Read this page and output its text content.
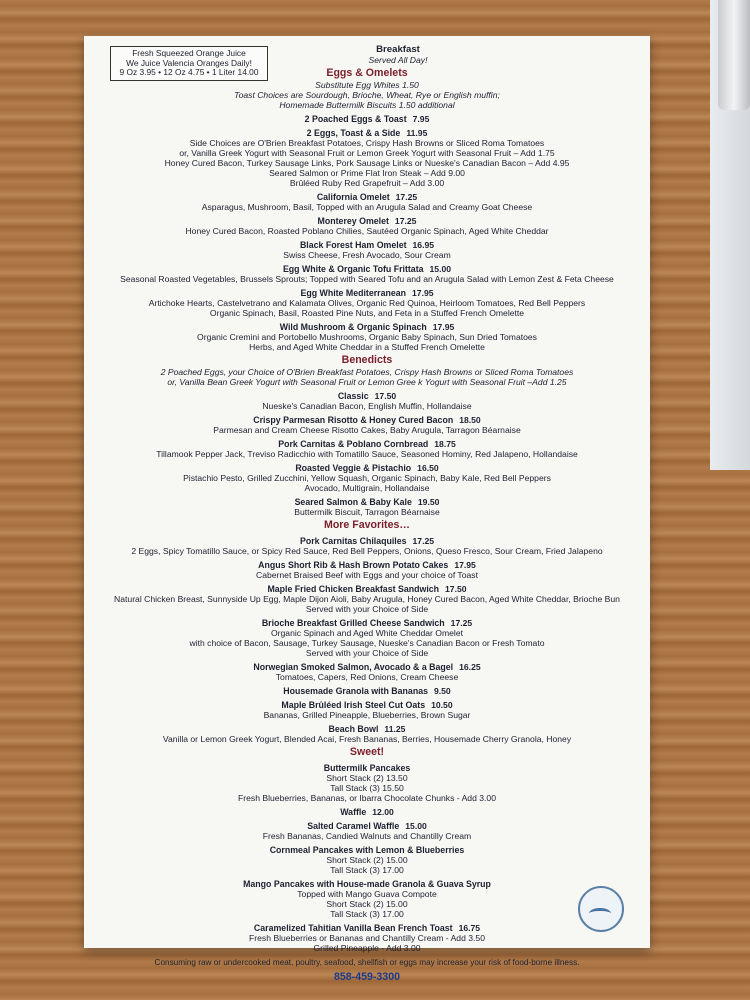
Fresh Squeezed Orange Juice
We Juice Valencia Oranges Daily!
9 Oz 3.95 • 12 Oz 4.75 • 1 Liter 14.00
Breakfast
Served All Day!
Eggs & Omelets
Substitute Egg Whites 1.50
Toast Choices are Sourdough, Brioche, Wheat, Rye or English muffin;
Homemade Buttermilk Biscuits 1.50 additional
2 Poached Eggs & Toast 7.95
2 Eggs, Toast & a Side 11.95
Side Choices are O'Brien Breakfast Potatoes, Crispy Hash Browns or Sliced Roma Tomatoes
or, Vanilla Greek Yogurt with Seasonal Fruit or Lemon Greek Yogurt with Seasonal Fruit – Add 1.75
Honey Cured Bacon, Turkey Sausage Links, Pork Sausage Links or Nueske's Canadian Bacon – Add 4.95
Seared Salmon or Prime Flat Iron Steak – Add 9.00
Brûléed Ruby Red Grapefruit – Add 3.00
California Omelet 17.25
Asparagus, Mushroom, Basil, Topped with an Arugula Salad and Creamy Goat Cheese
Monterey Omelet 17.25
Honey Cured Bacon, Roasted Poblano Chilies, Sautéed Organic Spinach, Aged White Cheddar
Black Forest Ham Omelet 16.95
Swiss Cheese, Fresh Avocado, Sour Cream
Egg White & Organic Tofu Frittata 15.00
Seasonal Roasted Vegetables, Brussels Sprouts; Topped with Seared Tofu and an Arugula Salad with Lemon Zest & Feta Cheese
Egg White Mediterranean 17.95
Artichoke Hearts, Castelvetrano and Kalamata Olives, Organic Red Quinoa, Heirloom Tomatoes, Red Bell Peppers
Organic Spinach, Basil, Roasted Pine Nuts, and Feta in a Stuffed French Omelette
Wild Mushroom & Organic Spinach 17.95
Organic Cremini and Portobello Mushrooms, Organic Baby Spinach, Sun Dried Tomatoes
Herbs, and Aged White Cheddar in a Stuffed French Omelette
Benedicts
2 Poached Eggs, your Choice of O'Brien Breakfast Potatoes, Crispy Hash Browns or Sliced Roma Tomatoes
or, Vanilla Bean Greek Yogurt with Seasonal Fruit or Lemon Gree k Yogurt with Seasonal Fruit –Add 1.25
Classic 17.50
Nueske's Canadian Bacon, English Muffin, Hollandaise
Crispy Parmesan Risotto & Honey Cured Bacon 18.50
Parmesan and Cream Cheese Risotto Cakes, Baby Arugula, Tarragon Béarnaise
Pork Carnitas & Poblano Cornbread 18.75
Tillamook Pepper Jack, Treviso Radicchio with Tomatillo Sauce, Seasoned Hominy, Red Jalapeno, Hollandaise
Roasted Veggie & Pistachio 16.50
Pistachio Pesto, Grilled Zucchini, Yellow Squash, Organic Spinach, Baby Kale, Red Bell Peppers
Avocado, Multigrain, Hollandaise
Seared Salmon & Baby Kale 19.50
Buttermilk Biscuit, Tarragon Béarnaise
More Favorites…
Pork Carnitas Chilaquiles 17.25
2 Eggs, Spicy Tomatillo Sauce, or Spicy Red Sauce, Red Bell Peppers, Onions, Queso Fresco, Sour Cream, Fried Jalapeno
Angus Short Rib & Hash Brown Potato Cakes 17.95
Cabernet Braised Beef with Eggs and your choice of Toast
Maple Fried Chicken Breakfast Sandwich 17.50
Natural Chicken Breast, Sunnyside Up Egg, Maple Dijon Aioli, Baby Arugula, Honey Cured Bacon, Aged White Cheddar, Brioche Bun
Served with your Choice of Side
Brioche Breakfast Grilled Cheese Sandwich 17.25
Organic Spinach and Aged White Cheddar Omelet
with choice of Bacon, Sausage, Turkey Sausage, Nueske's Canadian Bacon or Fresh Tomato
Served with your Choice of Side
Norwegian Smoked Salmon, Avocado & a Bagel 16.25
Tomatoes, Capers, Red Onions, Cream Cheese
Housemade Granola with Bananas 9.50
Maple Brûléed Irish Steel Cut Oats 10.50
Bananas, Grilled Pineapple, Blueberries, Brown Sugar
Beach Bowl 11.25
Vanilla or Lemon Greek Yogurt, Blended Acai, Fresh Bananas, Berries, Housemade Cherry Granola, Honey
Sweet!
Buttermilk Pancakes
Short Stack (2) 13.50
Tall Stack (3) 15.50
Fresh Blueberries, Bananas, or Ibarra Chocolate Chunks - Add 3.00
Waffle 12.00
Salted Caramel Waffle 15.00
Fresh Bananas, Candied Walnuts and Chantilly Cream
Cornmeal Pancakes with Lemon & Blueberries
Short Stack (2) 15.00
Tall Stack (3) 17.00
Mango Pancakes with House-made Granola & Guava Syrup
Topped with Mango Guava Compote
Short Stack (2) 15.00
Tall Stack (3) 17.00
Caramelized Tahitian Vanilla Bean French Toast 16.75
Fresh Blueberries or Bananas and Chantilly Cream - Add 3.50
Grilled Pineapple - Add 3.00
Consuming raw or undercooked meat, poultry, seafood, shellfish or eggs may increase your risk of food-borne illness.
858-459-3300
